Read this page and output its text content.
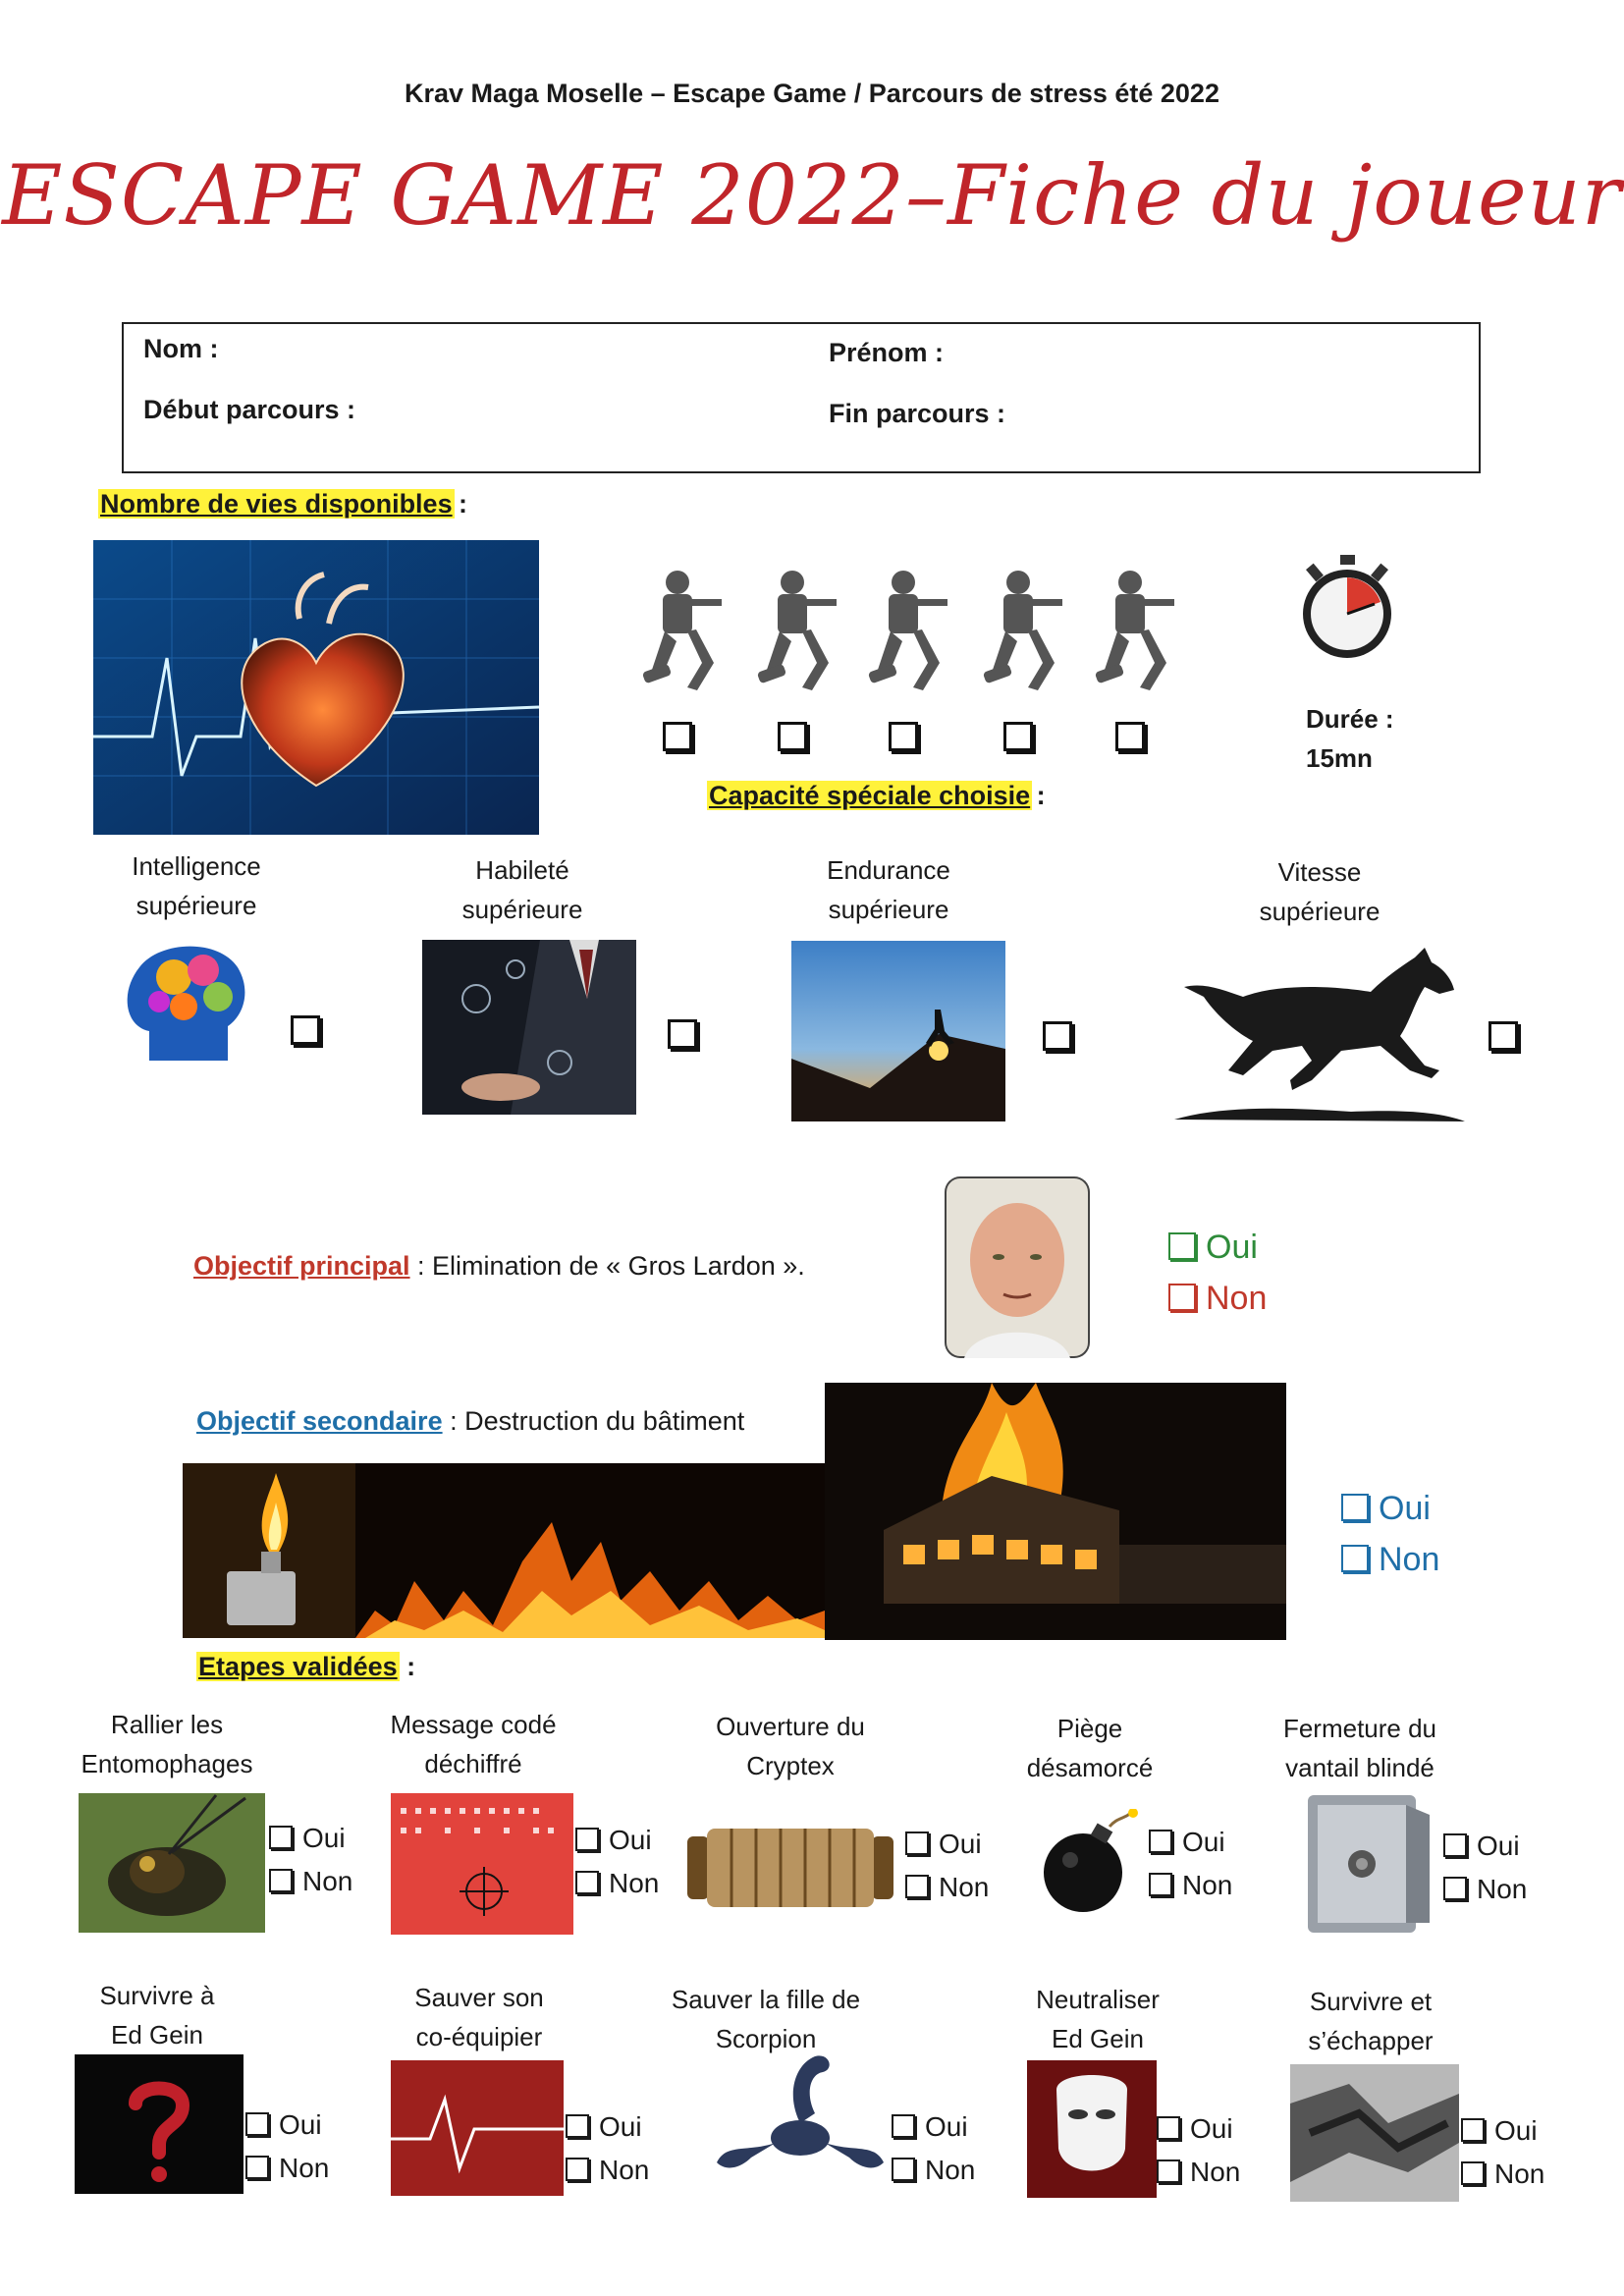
Krav Maga Moselle – Escape Game / Parcours de stress été 2022
ESCAPE GAME 2022–Fiche du joueur
Nom :	Prénom :
Début parcours :	Fin parcours :
Nombre de vies disponibles :
Durée :
15mn
Capacité spéciale choisie :
Intelligence
supérieure
Habileté
supérieure
Endurance
supérieure
Vitesse
supérieure
Objectif principal : Elimination de « Gros Lardon ».	Oui
Non
Objectif secondaire : Destruction du bâtiment
Oui
Non
Etapes validées :
Rallier les
Entomophages
Message codé
déchiffré
Ouverture du
Cryptex
Piège
désamorcé
Fermeture du
vantail blindé
Oui
Non
Oui
Non
Oui
Non
Oui
Non
Oui
Non
Survivre à
Ed Gein
Sauver son
co-équipier
Sauver la fille de
Scorpion
Neutraliser
Ed Gein
Survivre et
s’échapper
Oui
Non
Oui
Non
Oui
Non
Oui
Non
Oui
Non
